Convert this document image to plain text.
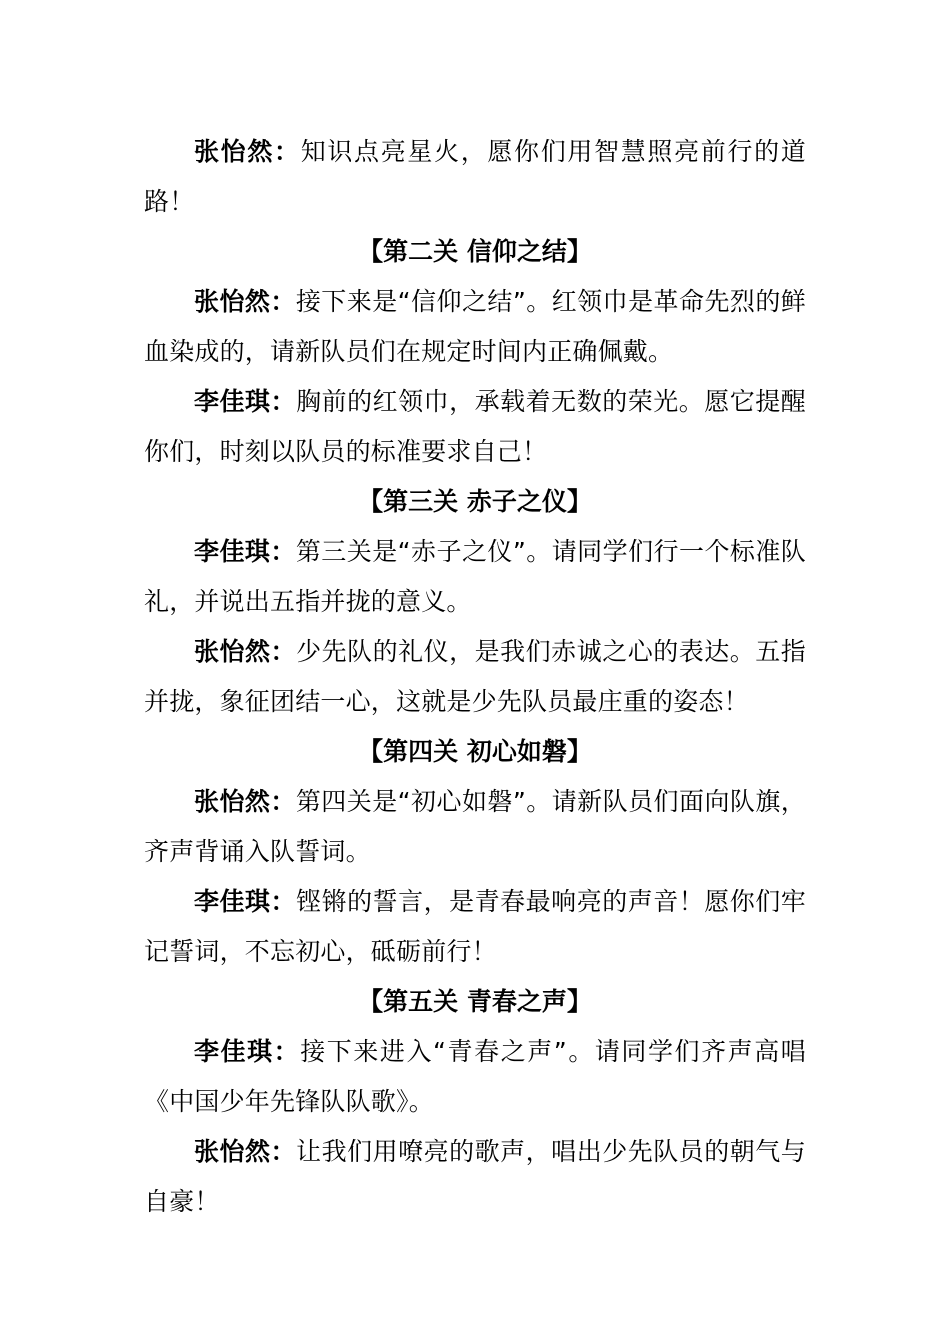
张怡然：知识点亮星火，愿你们用智慧照亮前行的道路！

【第二关 信仰之结】

张怡然：接下来是“信仰之结”。红领巾是革命先烈的鲜血染成的，请新队员们在规定时间内正确佩戴。

李佳琪：胸前的红领巾，承载着无数的荣光。愿它提醒你们，时刻以队员的标准要求自己！

【第三关 赤子之仪】

李佳琪：第三关是“赤子之仪”。请同学们行一个标准队礼，并说出五指并拢的意义。

张怡然：少先队的礼仪，是我们赤诚之心的表达。五指并拢，象征团结一心，这就是少先队员最庄重的姿态！

【第四关 初心如磐】

张怡然：第四关是“初心如磐”。请新队员们面向队旗，齐声背诵入队誓词。

李佳琪：铿锵的誓言，是青春最响亮的声音！愿你们牢记誓词，不忘初心，砥砺前行！

【第五关 青春之声】

李佳琪：接下来进入“青春之声”。请同学们齐声高唱《中国少年先锋队队歌》。

张怡然：让我们用嘹亮的歌声，唱出少先队员的朝气与自豪！
